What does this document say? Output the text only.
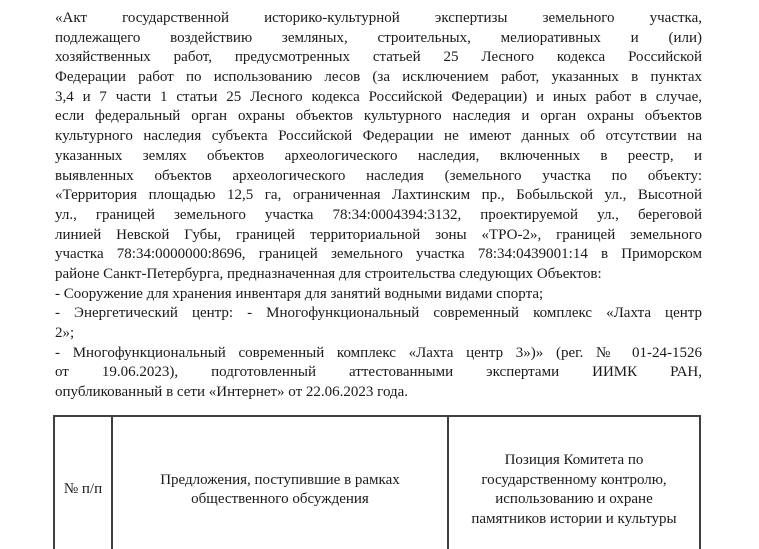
«Акт государственной историко-культурной экспертизы земельного участка,
подлежащего воздействию земляных, строительных, мелиоративных и (или)
хозяйственных работ, предусмотренных статьей 25 Лесного кодекса Российской
Федерации работ по использованию лесов (за исключением работ, указанных в пунктах
3,4 и 7 части 1 статьи 25 Лесного кодекса Российской Федерации) и иных работ в случае,
если федеральный орган охраны объектов культурного наследия и орган охраны объектов
культурного наследия субъекта Российской Федерации не имеют данных об отсутствии на
указанных землях объектов археологического наследия, включенных в реестр, и
выявленных объектов археологического наследия (земельного участка по объекту:
«Территория площадью 12,5 га, ограниченная Лахтинским пр., Бобыльской ул., Высотной
ул., границей земельного участка 78:34:0004394:3132, проектируемой ул., береговой
линией Невской Губы, границей территориальной зоны «ТРО-2», границей земельного
участка 78:34:0000000:8696, границей земельного участка 78:34:0439001:14 в Приморском
районе Санкт-Петербурга, предназначенная для строительства следующих Объектов:
- Сооружение для хранения инвентаря для занятий водными видами спорта;
- Энергетический центр: - Многофункциональный современный комплекс «Лахта центр
2»;
- Многофункциональный современный комплекс «Лахта центр 3»)» (рег. № 01-24-1526
от 19.06.2023), подготовленный аттестованными экспертами ИИМК РАН,
опубликованный в сети «Интернет» от 22.06.2023 года.
№ п/п
Предложения, поступившие в рамках общественного обсуждения
Позиция Комитета по государственному контролю, использованию и охране памятников истории и культуры
